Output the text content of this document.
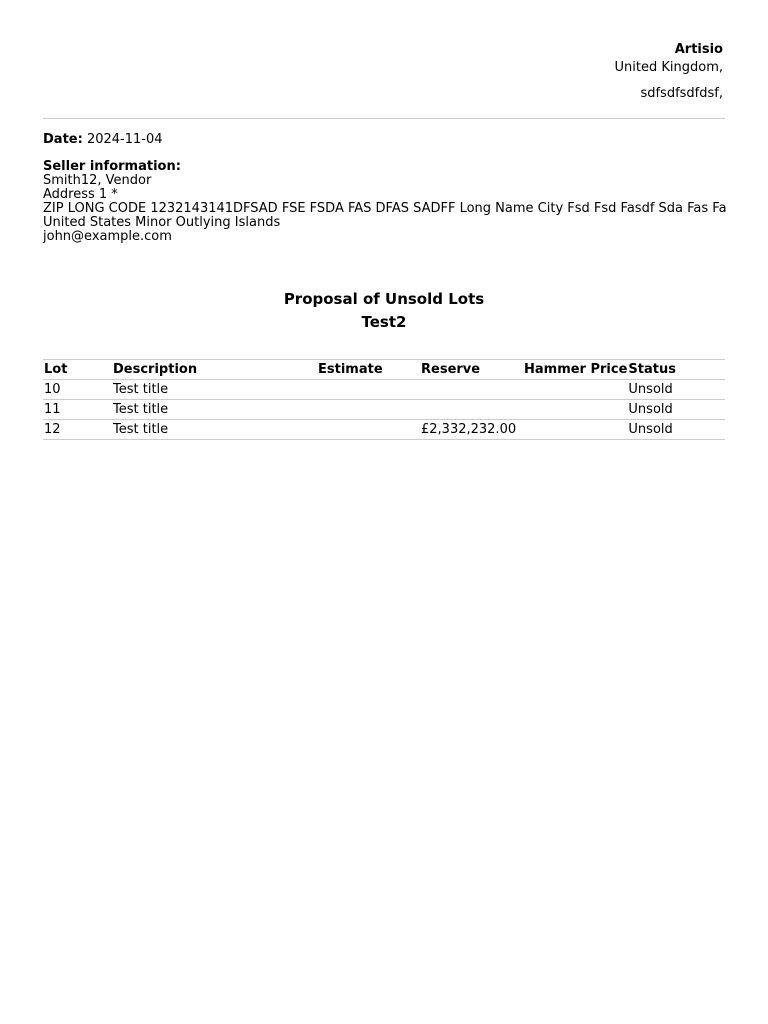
Artisio
United Kingdom,
sdfsdfsdfdsf,
Date: 2024-11-04
Seller information:
Smith12, Vendor
Address 1 *
ZIP LONG CODE 1232143141DFSAD FSE FSDA FAS DFAS SADFF Long Name City Fsd Fsd Fasdf Sda Fas Fa
United States Minor Outlying Islands
john@example.com
Proposal of Unsold Lots
Test2
Lot	Description	Estimate	Reserve	Hammer Price	Status
10	Test title				Unsold
11	Test title				Unsold
12	Test title		£2,332,232.00		Unsold
